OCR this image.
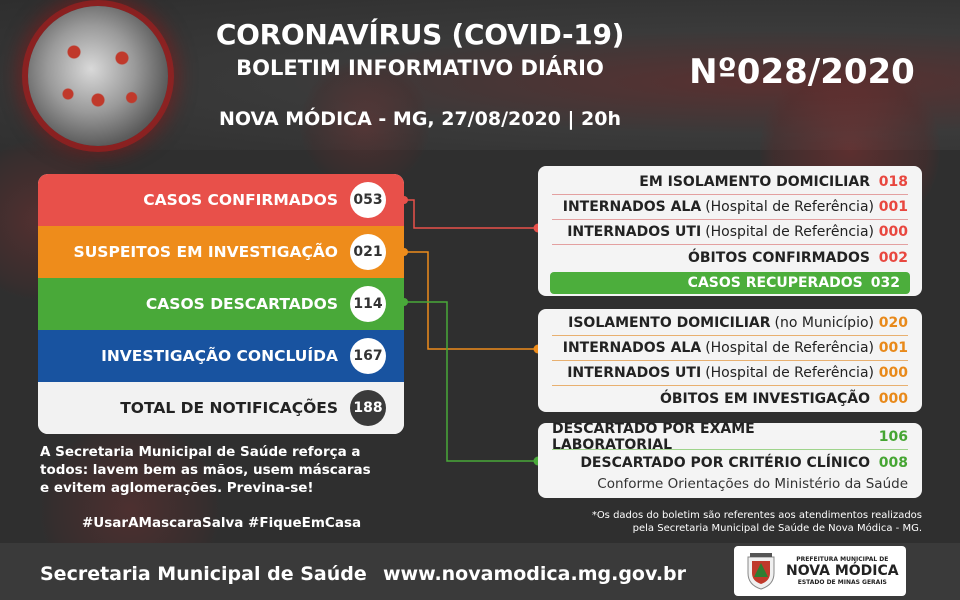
CORONAVÍRUS (COVID-19)
BOLETIM INFORMATIVO DIÁRIO
NOVA MÓDICA - MG, 27/08/2020 | 20h
Nº028/2020
CASOS CONFIRMADOS 053
SUSPEITOS EM INVESTIGAÇÃO 021
CASOS DESCARTADOS 114
INVESTIGAÇÃO CONCLUÍDA 167
TOTAL DE NOTIFICAÇÕES 188
EM ISOLAMENTO DOMICILIAR 018
INTERNADOS ALA (Hospital de Referência) 001
INTERNADOS UTI (Hospital de Referência) 000
ÓBITOS CONFIRMADOS 002
CASOS RECUPERADOS 032
ISOLAMENTO DOMICILIAR (no Município) 020
INTERNADOS ALA (Hospital de Referência) 001
INTERNADOS UTI (Hospital de Referência) 000
ÓBITOS EM INVESTIGAÇÃO 000
DESCARTADO POR EXAME LABORATORIAL	106
DESCARTADO POR CRITÉRIO CLÍNICO 008
Conforme Orientações do Ministério da Saúde
A Secretaria Municipal de Saúde reforça a todos: lavem bem as mãos, usem máscaras e evitem aglomerações. Previna-se!
#UsarAMascaraSalva #FiqueEmCasa	*Os dados do boletim são referentes aos atendimentos realizados
pela Secretaria Municipal de Saúde de Nova Módica - MG.
Secretaria Municipal de Saúde www.novamodica.mg.gov.br
PREFEITURA MUNICIPAL DE
NOVA MÓDICA
ESTADO DE MINAS GERAIS
